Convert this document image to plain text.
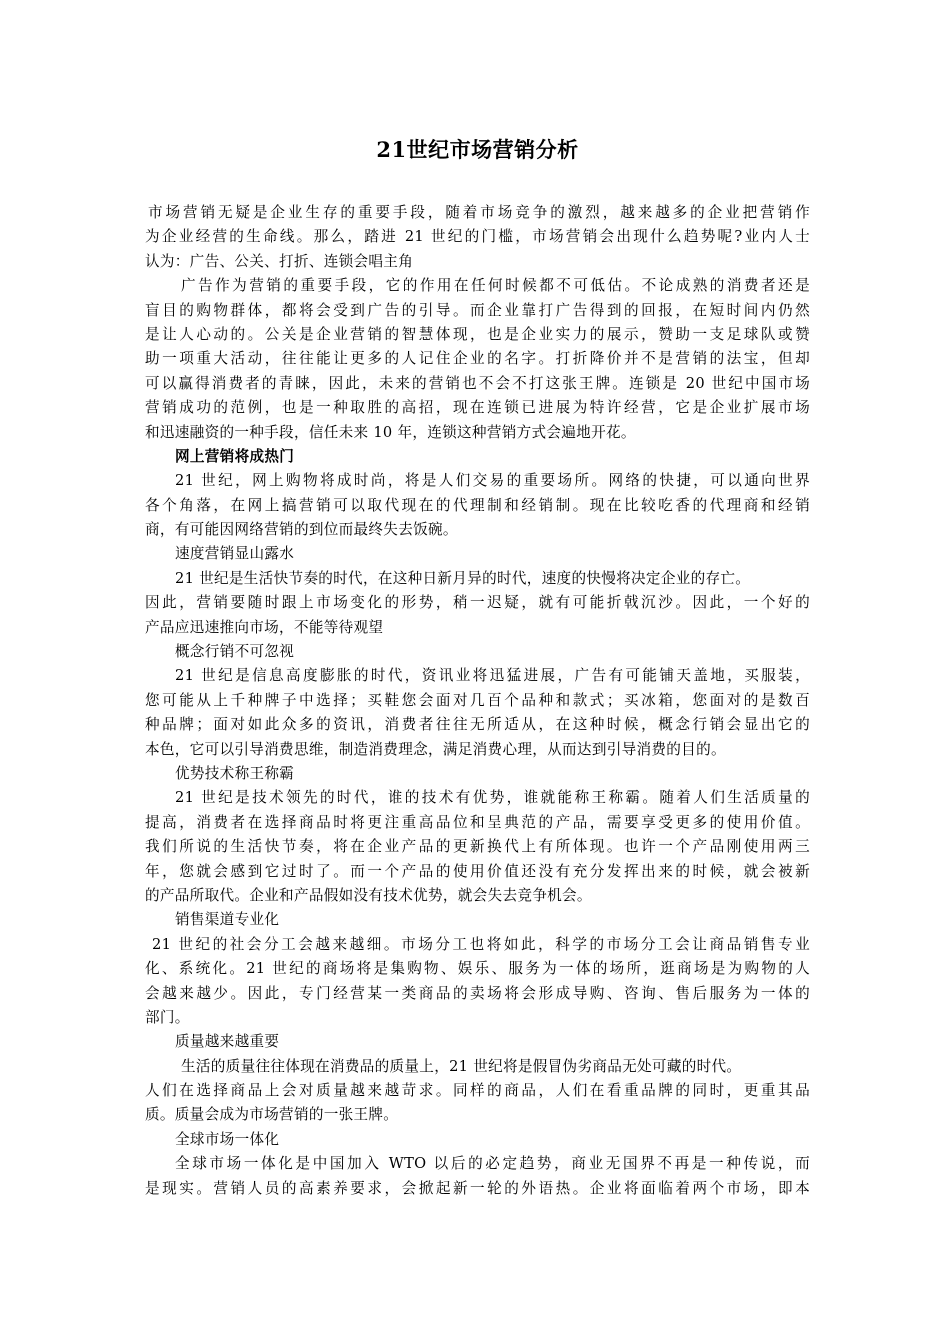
21世纪市场营销分析
市场营销无疑是企业生存的重要手段，随着市场竞争的激烈，越来越多的企业把营销作
为企业经营的生命线。那么，踏进 21 世纪的门槛，市场营销会出现什么趋势呢?业内人士
认为：广告、公关、打折、连锁会唱主角
广告作为营销的重要手段，它的作用在任何时候都不可低估。不论成熟的消费者还是
盲目的购物群体，都将会受到广告的引导。而企业靠打广告得到的回报，在短时间内仍然
是让人心动的。公关是企业营销的智慧体现，也是企业实力的展示，赞助一支足球队或赞
助一项重大活动，往往能让更多的人记住企业的名字。打折降价并不是营销的法宝，但却
可以赢得消费者的青睐，因此，未来的营销也不会不打这张王牌。连锁是 20 世纪中国市场
营销成功的范例，也是一种取胜的高招，现在连锁已进展为特许经营，它是企业扩展市场
和迅速融资的一种手段，信任未来 10 年，连锁这种营销方式会遍地开花。
网上营销将成热门
21 世纪，网上购物将成时尚，将是人们交易的重要场所。网络的快捷，可以通向世界
各个角落，在网上搞营销可以取代现在的代理制和经销制。现在比较吃香的代理商和经销
商，有可能因网络营销的到位而最终失去饭碗。
速度营销显山露水
21 世纪是生活快节奏的时代，在这种日新月异的时代，速度的快慢将决定企业的存亡。
因此，营销要随时跟上市场变化的形势，稍一迟疑，就有可能折戟沉沙。因此，一个好的
产品应迅速推向市场，不能等待观望
概念行销不可忽视
21 世纪是信息高度膨胀的时代，资讯业将迅猛进展，广告有可能铺天盖地，买服装，
您可能从上千种牌子中选择；买鞋您会面对几百个品种和款式；买冰箱，您面对的是数百
种品牌；面对如此众多的资讯，消费者往往无所适从，在这种时候，概念行销会显出它的
本色，它可以引导消费思维，制造消费理念，满足消费心理，从而达到引导消费的目的。
优势技术称王称霸
21 世纪是技术领先的时代，谁的技术有优势，谁就能称王称霸。随着人们生活质量的
提高，消费者在选择商品时将更注重高品位和呈典范的产品，需要享受更多的使用价值。
我们所说的生活快节奏，将在企业产品的更新换代上有所体现。也许一个产品刚使用两三
年，您就会感到它过时了。而一个产品的使用价值还没有充分发挥出来的时候，就会被新
的产品所取代。企业和产品假如没有技术优势，就会失去竞争机会。
销售渠道专业化
21 世纪的社会分工会越来越细。市场分工也将如此，科学的市场分工会让商品销售专业
化、系统化。21 世纪的商场将是集购物、娱乐、服务为一体的场所，逛商场是为购物的人
会越来越少。因此，专门经营某一类商品的卖场将会形成导购、咨询、售后服务为一体的
部门。
质量越来越重要
生活的质量往往体现在消费品的质量上，21 世纪将是假冒伪劣商品无处可藏的时代。
人们在选择商品上会对质量越来越苛求。同样的商品，人们在看重品牌的同时，更重其品
质。质量会成为市场营销的一张王牌。
全球市场一体化
全球市场一体化是中国加入 WTO 以后的必定趋势，商业无国界不再是一种传说，而
是现实。营销人员的高素养要求，会掀起新一轮的外语热。企业将面临着两个市场，即本
